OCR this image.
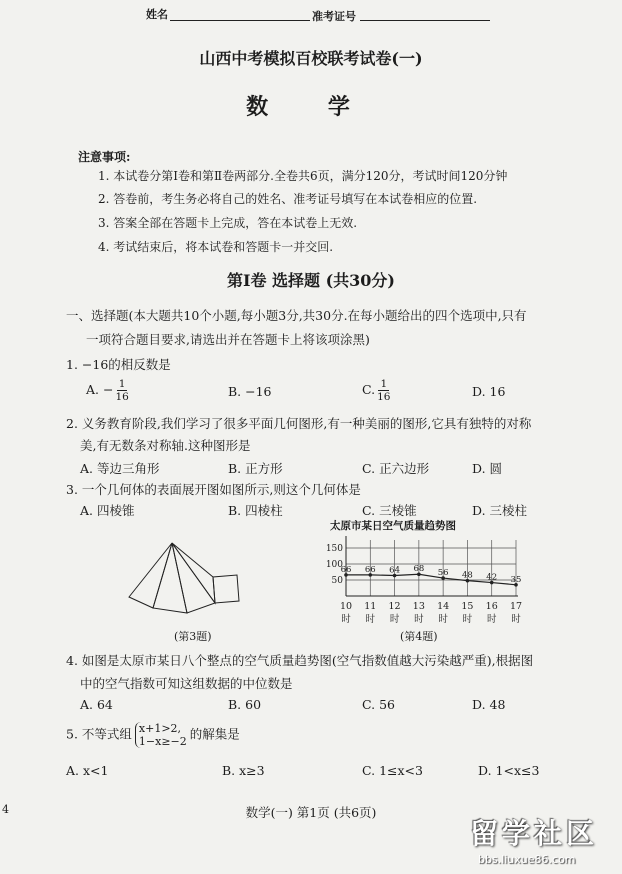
姓名	准考证号
山西中考模拟百校联考试卷(一)
数 学
注意事项:
1. 本试卷分第Ⅰ卷和第Ⅱ卷两部分.全卷共6页，满分120分，考试时间120分钟
2. 答卷前，考生务必将自己的姓名、准考证号填写在本试卷相应的位置.
3. 答案全部在答题卡上完成，答在本试卷上无效.
4. 考试结束后，将本试卷和答题卡一并交回.
第Ⅰ卷 选择题 (共30分)
一、选择题(本大题共10个小题,每小题3分,共30分.在每小题给出的四个选项中,只有
一项符合题目要求,请选出并在答题卡上将该项涂黑)
1. −16的相反数是
A. − $\frac{1}{16}$	B. −16	C. $\frac{1}{16}$	D. 16
2. 义务教育阶段,我们学习了很多平面几何图形,有一种美丽的图形,它具有独特的对称
美,有无数条对称轴.这种图形是
A. 等边三角形	B. 正方形	C. 正六边形	D. 圆
3. 一个几何体的表面展开图如图所示,则这个几何体是
A. 四棱锥	B. 四棱柱	C. 三棱锥	D. 三棱柱
(第3题)
太原市某日空气质量趋势图
66 66 64 68 56 48 42 35
150
100
50
10
时
11
时
12
时
13
时
14
时
15
时
16
时
17
时
(第4题)
4. 如图是太原市某日八个整点的空气质量趋势图(空气指数值越大污染越严重),根据图
中的空气指数可知这组数据的中位数是
A. 64	B. 60	C. 56	D. 48
5. 不等式组 x+1>2,
1−x≥−2 的解集是
A. x<1	B. x≥3	C. 1≤x<3	D. 1<x≤3
4	数学(一) 第1页 (共6页)
留学社区
bbs.liuxue86.com
